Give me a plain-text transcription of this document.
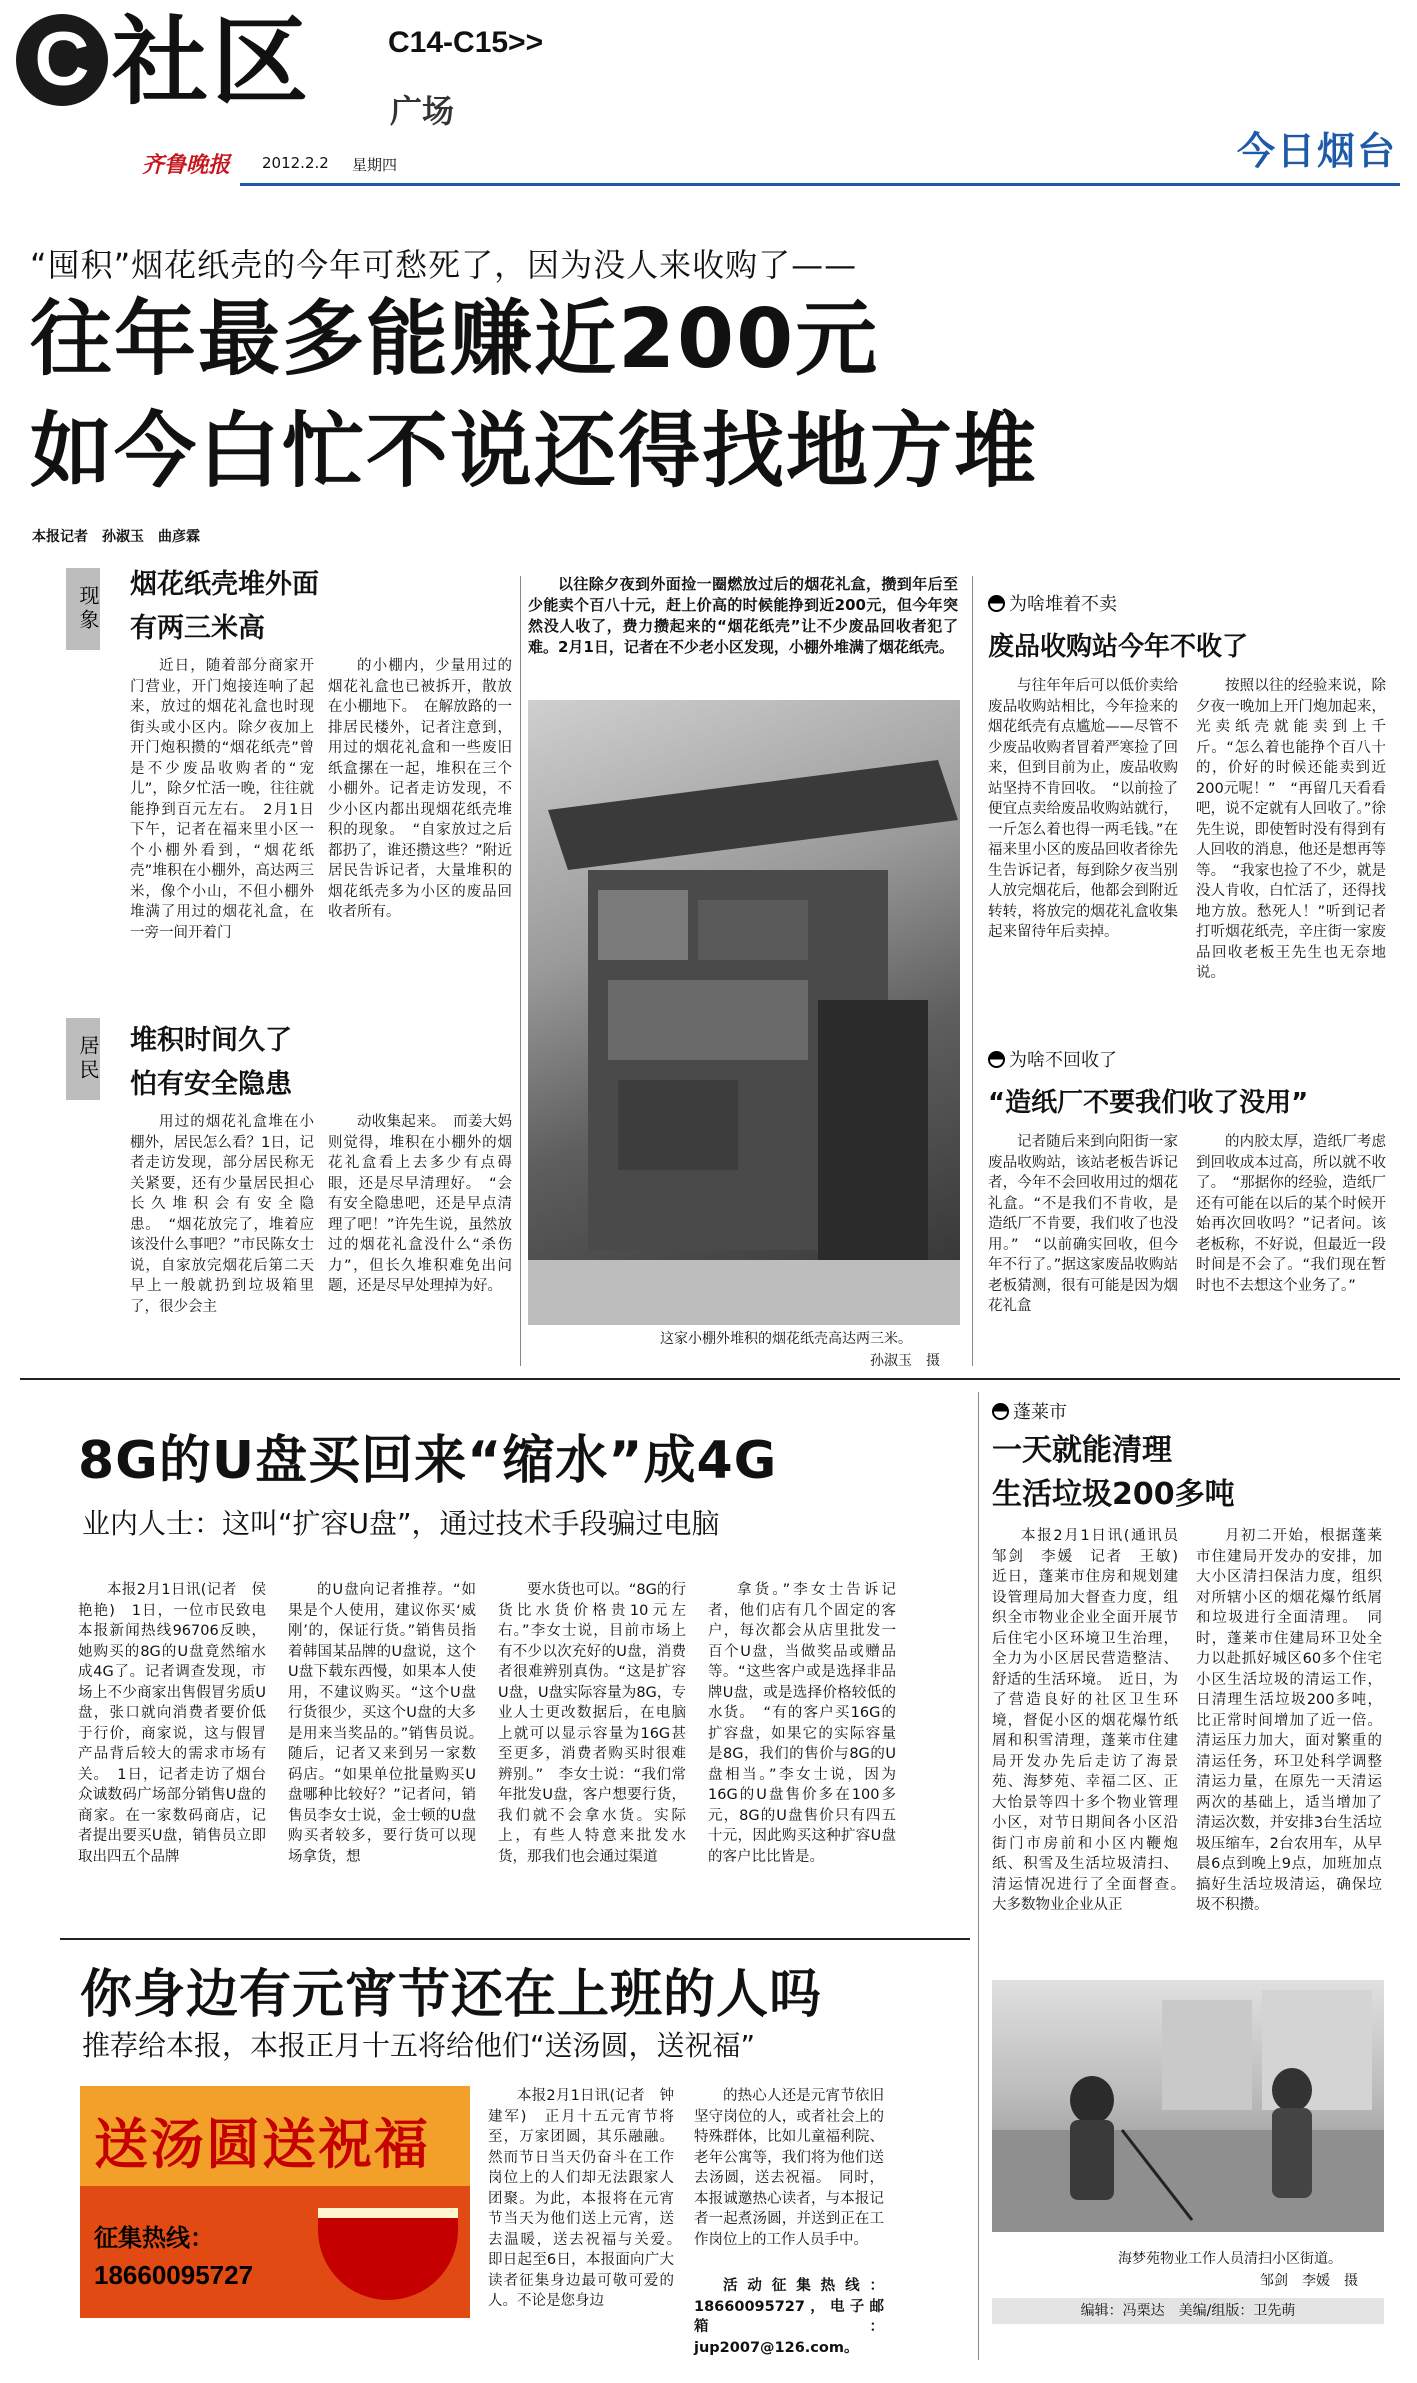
C 社区	C14-C15>>
广场
齐鲁晚报 2012.2.2 星期四	今日烟台
“囤积”烟花纸壳的今年可愁死了，因为没人来收购了——
往年最多能赚近200元
如今白忙不说还得找地方堆
本报记者　孙淑玉　曲彦霖
现象
烟花纸壳堆外面
有两三米高

近日，随着部分商家开门营业，开门炮接连响了起来，放过的烟花礼盒也时现街头或小区内。除夕夜加上开门炮积攒的“烟花纸壳”曾是不少废品收购者的“宠儿”，除夕忙活一晚，往往就能挣到百元左右。　2月1日下午，记者在福来里小区一个小棚外看到，“烟花纸壳”堆积在小棚外，高达两三米，像个小山，不但小棚外堆满了用过的烟花礼盒，在一旁一间开着门

的小棚内，少量用过的烟花礼盒也已被拆开，散放在小棚地下。　在解放路的一排居民楼外，记者注意到，用过的烟花礼盒和一些废旧纸盒摞在一起，堆积在三个小棚外。记者走访发现，不少小区内都出现烟花纸壳堆积的现象。　“自家放过之后都扔了，谁还攒这些？”附近居民告诉记者，大量堆积的烟花纸壳多为小区的废品回收者所有。

居民 堆积时间久了
怕有安全隐患

用过的烟花礼盒堆在小棚外，居民怎么看？1日，记者走访发现，部分居民称无关紧要，还有少量居民担心长久堆积会有安全隐患。　“烟花放完了，堆着应该没什么事吧？”市民陈女士说，自家放完烟花后第二天早上一般就扔到垃圾箱里了，很少会主

动收集起来。　而姜大妈则觉得，堆积在小棚外的烟花礼盒看上去多少有点碍眼，还是尽早清理好。　“会有安全隐患吧，还是早点清理了吧！”许先生说，虽然放过的烟花礼盒没什么“杀伤力”，但长久堆积难免出问题，还是尽早处理掉为好。

以往除夕夜到外面捡一圈燃放过后的烟花礼盒，攒到年后至少能卖个百八十元，赶上价高的时候能挣到近200元，但今年突然没人收了，费力攒起来的“烟花纸壳”让不少废品回收者犯了难。2月1日，记者在不少老小区发现，小棚外堆满了烟花纸壳。

这家小棚外堆积的烟花纸壳高达两三米。
孙淑玉　摄
为啥堆着不卖
废品收购站今年不收了

与往年年后可以低价卖给废品收购站相比，今年捡来的烟花纸壳有点尴尬——尽管不少废品收购者冒着严寒捡了回来，但到目前为止，废品收购站坚持不肯回收。　“以前捡了便宜点卖给废品收购站就行，一斤怎么着也得一两毛钱。”在福来里小区的废品回收者徐先生告诉记者，每到除夕夜当别人放完烟花后，他都会到附近转转，将放完的烟花礼盒收集起来留待年后卖掉。

按照以往的经验来说，除夕夜一晚加上开门炮加起来，光卖纸壳就能卖到上千斤。“怎么着也能挣个百八十的，价好的时候还能卖到近200元呢！”　“再留几天看看吧，说不定就有人回收了。”徐先生说，即使暂时没有得到有人回收的消息，他还是想再等等。　“我家也捡了不少，就是没人肯收，白忙活了，还得找地方放。愁死人！”听到记者打听烟花纸壳，辛庄街一家废品回收老板王先生也无奈地说。

为啥不回收了
“造纸厂不要我们收了没用”

记者随后来到向阳街一家废品收购站，该站老板告诉记者，今年不会回收用过的烟花礼盒。“不是我们不肯收，是造纸厂不肯要，我们收了也没用。”　“以前确实回收，但今年不行了。”据这家废品收购站老板猜测，很有可能是因为烟花礼盒

的内胶太厚，造纸厂考虑到回收成本过高，所以就不收了。　“那据你的经验，造纸厂还有可能在以后的某个时候开始再次回收吗？”记者问。该老板称，不好说，但最近一段时间是不会了。“我们现在暂时也不去想这个业务了。”

8G的U盘买回来“缩水”成4G
业内人士：这叫“扩容U盘”，通过技术手段骗过电脑

本报2月1日讯(记者　侯艳艳)　1日，一位市民致电本报新闻热线96706反映，她购买的8G的U盘竟然缩水成4G了。记者调查发现，市场上不少商家出售假冒劣质U盘，张口就向消费者要价低于行价，商家说，这与假冒产品背后较大的需求市场有关。　1日，记者走访了烟台众诚数码广场部分销售U盘的商家。在一家数码商店，记者提出要买U盘，销售员立即取出四五个品牌

的U盘向记者推荐。“如果是个人使用，建议你买‘威刚’的，保证行货。”销售员指着韩国某品牌的U盘说，这个U盘下载东西慢，如果本人使用，不建议购买。“这个U盘行货很少，买这个U盘的大多是用来当奖品的。”销售员说。　随后，记者又来到另一家数码店。“如果单位批量购买U盘哪种比较好？”记者问，销售员李女士说，金士顿的U盘购买者较多，要行货可以现场拿货，想

要水货也可以。“8G的行货比水货价格贵10元左右。”李女士说，目前市场上有不少以次充好的U盘，消费者很难辨别真伪。“这是扩容U盘，U盘实际容量为8G，专业人士更改数据后，在电脑上就可以显示容量为16G甚至更多，消费者购买时很难辨别。”　李女士说：“我们常年批发U盘，客户想要行货，我们就不会拿水货。实际上，有些人特意来批发水货，那我们也会通过渠道

拿货。”李女士告诉记者，他们店有几个固定的客户，每次都会从店里批发一百个U盘，当做奖品或赠品等。“这些客户或是选择非品牌U盘，或是选择价格较低的水货。　“有的客户买16G的扩容盘，如果它的实际容量是8G，我们的售价与8G的U盘相当。”李女士说，因为16G的U盘售价多在100多元，8G的U盘售价只有四五十元，因此购买这种扩容U盘的客户比比皆是。

蓬莱市
一天就能清理
生活垃圾200多吨

本报2月1日讯(通讯员　邹剑　李媛　记者　王敏)　近日，蓬莱市住房和规划建设管理局加大督查力度，组织全市物业企业全面开展节后住宅小区环境卫生治理，全力为小区居民营造整洁、舒适的生活环境。　近日，为了营造良好的社区卫生环境，督促小区的烟花爆竹纸屑和积雪清理，蓬莱市住建局开发办先后走访了海景苑、海梦苑、幸福二区、正大怡景等四十多个物业管理小区，对节日期间各小区沿街门市房前和小区内鞭炮纸、积雪及生活垃圾清扫、清运情况进行了全面督查。　大多数物业企业从正

月初二开始，根据蓬莱市住建局开发办的安排，加大小区清扫保洁力度，组织对所辖小区的烟花爆竹纸屑和垃圾进行全面清理。　同时，蓬莱市住建局环卫处全力以赴抓好城区60多个住宅小区生活垃圾的清运工作，日清理生活垃圾200多吨，比正常时间增加了近一倍。清运压力加大，面对繁重的清运任务，环卫处科学调整清运力量，在原先一天清运两次的基础上，适当增加了清运次数，并安排3台生活垃圾压缩车，2台农用车，从早晨6点到晚上9点，加班加点搞好生活垃圾清运，确保垃圾不积攒。

海梦苑物业工作人员清扫小区街道。
邹剑　李媛　摄
你身边有元宵节还在上班的人吗
推荐给本报，本报正月十五将给他们“送汤圆，送祝福”
送汤圆送祝福
征集热线：
18660095727

本报2月1日讯(记者　钟建军)　正月十五元宵节将至，万家团圆，其乐融融。然而节日当天仍奋斗在工作岗位上的人们却无法跟家人团聚。为此，本报将在元宵节当天为他们送上元宵，送去温暖，送去祝福与关爱。　即日起至6日，本报面向广大读者征集身边最可敬可爱的人。不论是您身边

的热心人还是元宵节依旧坚守岗位的人，或者社会上的特殊群体，比如儿童福利院、老年公寓等，我们将为他们送去汤圆，送去祝福。　同时，本报诚邀热心读者，与本报记者一起煮汤圆，并送到正在工作岗位上的工作人员手中。

活动征集热线：18660095727，电子邮箱：jup2007@126.com。

编辑：冯栗达　美编/组版：卫先萌
